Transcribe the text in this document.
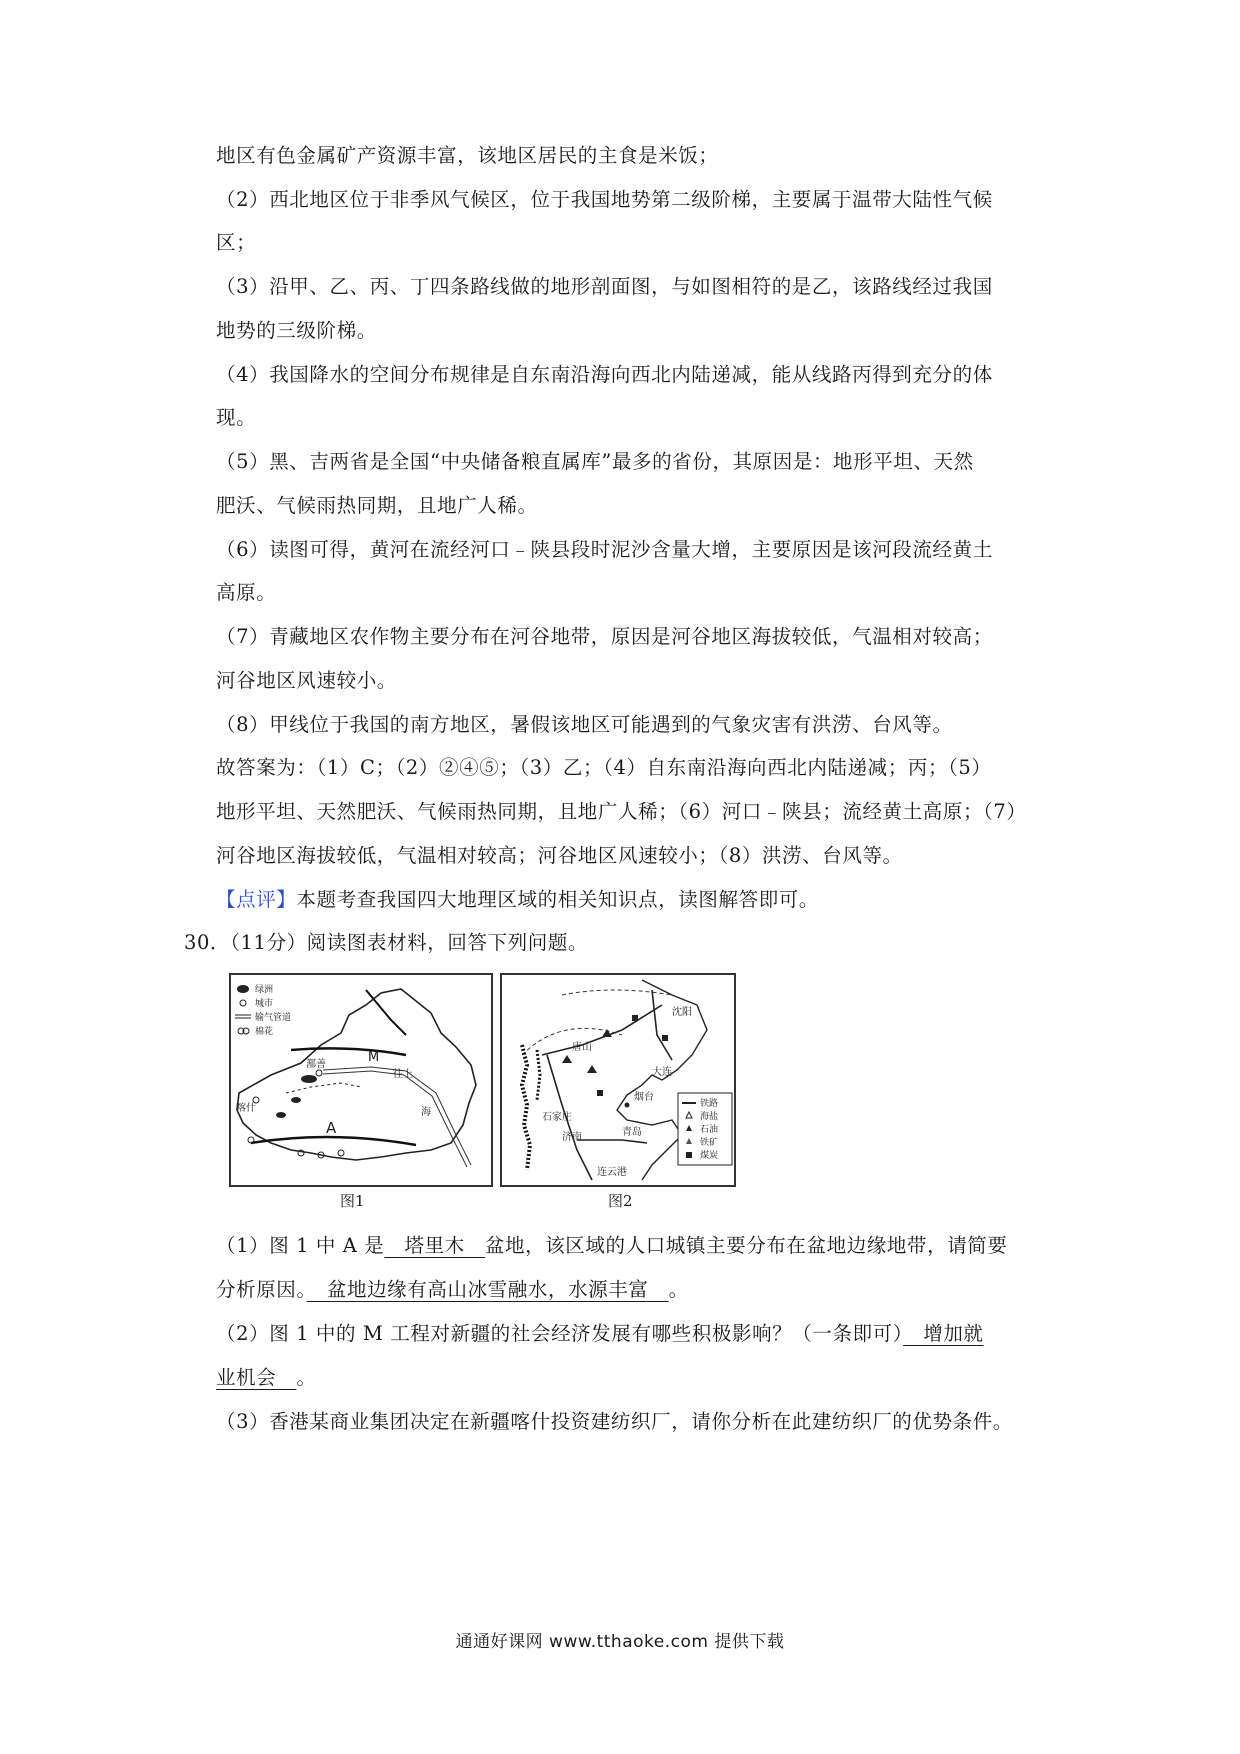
地区有色金属矿产资源丰富，该地区居民的主食是米饭；
（2）西北地区位于非季风气候区，位于我国地势第二级阶梯，主要属于温带大陆性气候
区；
（3）沿甲、乙、丙、丁四条路线做的地形剖面图，与如图相符的是乙，该路线经过我国
地势的三级阶梯。
（4）我国降水的空间分布规律是自东南沿海向西北内陆递减，能从线路丙得到充分的体
现。
（5）黑、吉两省是全国“中央储备粮直属库”最多的省份，其原因是：地形平坦、天然
肥沃、气候雨热同期，且地广人稀。
（6）读图可得，黄河在流经河口﹣陕县段时泥沙含量大增，主要原因是该河段流经黄土
高原。
（7）青藏地区农作物主要分布在河谷地带，原因是河谷地区海拔较低，气温相对较高；
河谷地区风速较小。
（8）甲线位于我国的南方地区，暑假该地区可能遇到的气象灾害有洪涝、台风等。
故答案为：（1）C；（2）②④⑤；（3）乙；（4）自东南沿海向西北内陆递减；丙；（5）
地形平坦、天然肥沃、气候雨热同期，且地广人稀；（6）河口﹣陕县；流经黄土高原；（7）
河谷地区海拔较低，气温相对较高；河谷地区风速较小；（8）洪涝、台风等。
【点评】本题考查我国四大地理区域的相关知识点，读图解答即可。
30．（11分）阅读图表材料，回答下列问题。
绿洲
城市
输气管道
棉花
喀什
鄯善
A
M
往 上
海
图1
沈阳
唐山
大连
烟台
济南	青岛
连云港
石家庄
铁路
海盐
石油
铁矿
煤炭
图2
（1）图 1 中 A 是　塔里木　盆地，该区域的人口城镇主要分布在盆地边缘地带，请简要
分析原因。　盆地边缘有高山冰雪融水，水源丰富　。
（2）图 1 中的 M 工程对新疆的社会经济发展有哪些积极影响？（一条即可）　增加就
业机会　。
（3）香港某商业集团决定在新疆喀什投资建纺织厂，请你分析在此建纺织厂的优势条件。
通通好课网 www.tthaoke.com 提供下载
